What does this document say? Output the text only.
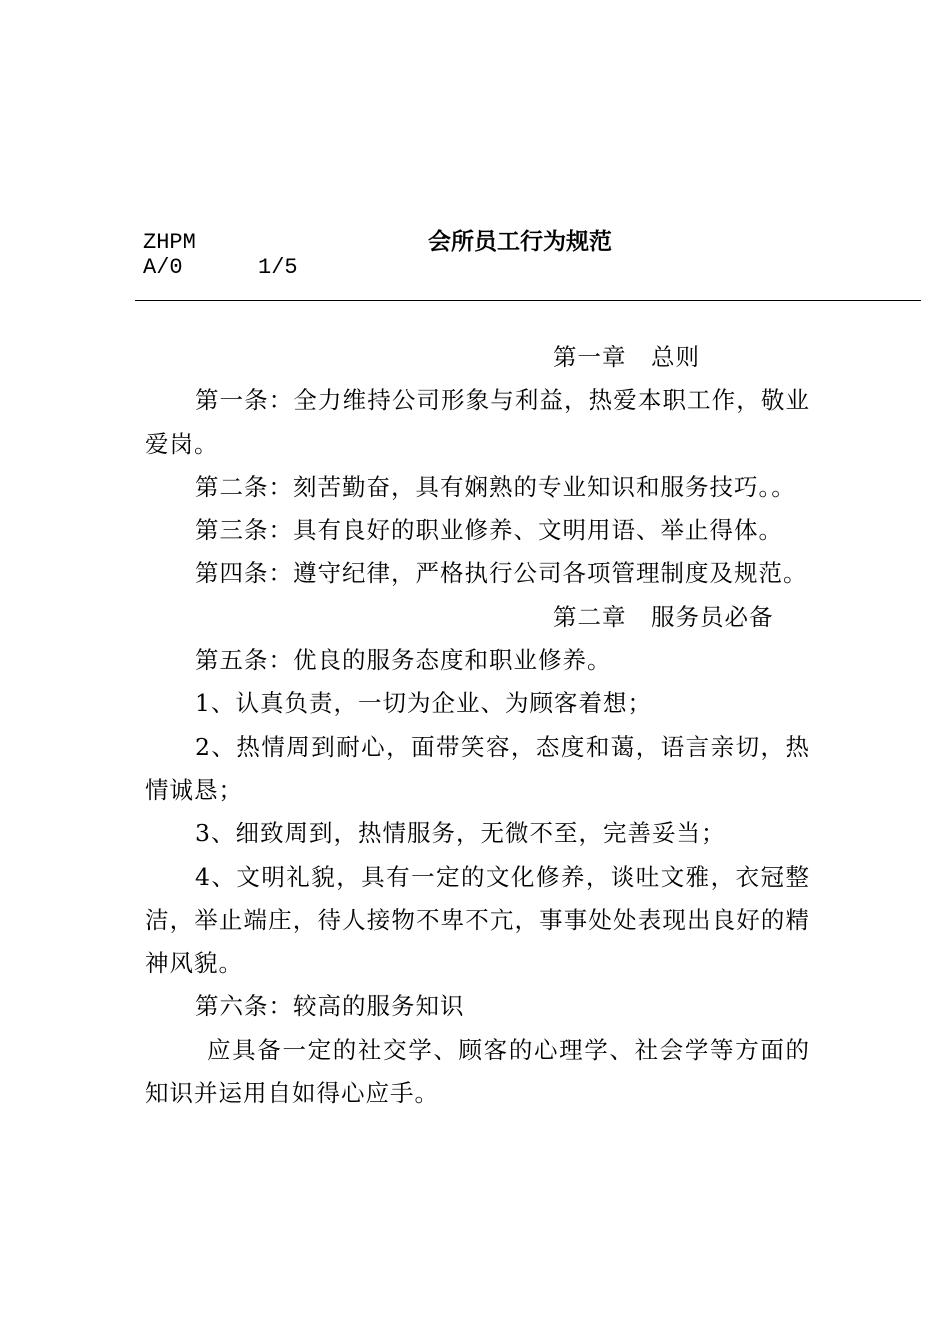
ZHPM
A/0	1/5
会所员工行为规范

第一章　总则

第一条：全力维持公司形象与利益，热爱本职工作，敬业爱岗。

第二条：刻苦勤奋，具有娴熟的专业知识和服务技巧。。

第三条：具有良好的职业修养、文明用语、举止得体。

第四条：遵守纪律，严格执行公司各项管理制度及规范。

第二章　服务员必备

第五条：优良的服务态度和职业修养。

1、认真负责，一切为企业、为顾客着想；

2、热情周到耐心，面带笑容，态度和蔼，语言亲切，热情诚恳；

3、细致周到，热情服务，无微不至，完善妥当；

4、文明礼貌，具有一定的文化修养，谈吐文雅，衣冠整洁，举止端庄，待人接物不卑不亢，事事处处表现出良好的精神风貌。

第六条：较高的服务知识

应具备一定的社交学、顾客的心理学、社会学等方面的知识并运用自如得心应手。
